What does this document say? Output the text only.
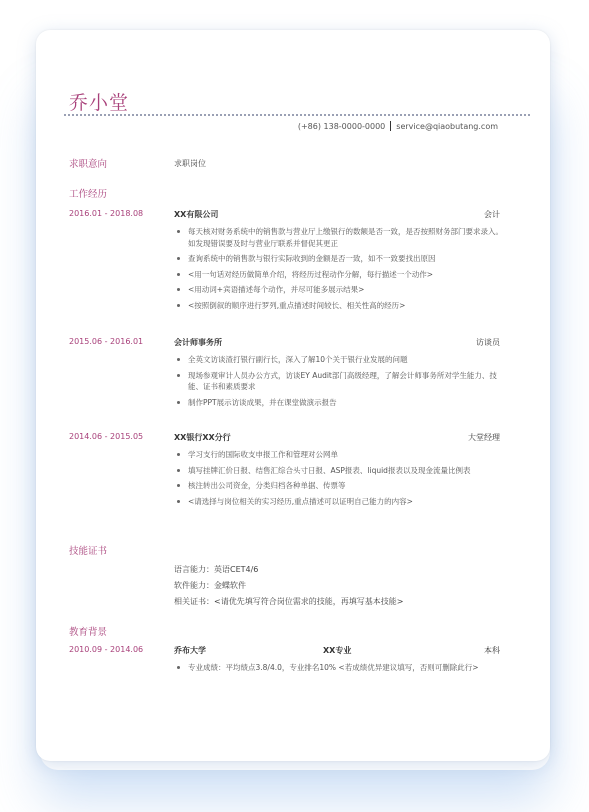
乔小堂
(+86) 138-0000-0000 service@qiaobutang.com
求职意向	求职岗位
工作经历
2016.01 - 2018.08	XX有限公司	会计
每天核对财务系统中的销售款与营业厅上缴银行的数额是否一致，是否按照财务部门要求录入。如发现错误要及时与营业厅联系并督促其更正
查询系统中的销售款与银行实际收到的金额是否一致，如不一致要找出原因
<用一句话对经历做简单介绍，将经历过程动作分解，每行描述一个动作>
<用动词+宾语描述每个动作，并尽可能多展示结果>
<按照倒叙的顺序进行罗列,重点描述时间较长、相关性高的经历>
2015.06 - 2016.01	会计师事务所	访谈员
全英文访谈渣打银行副行长，深入了解10个关于银行业发展的问题
现场参观审计人员办公方式，访谈EY Audit部门高级经理，了解会计师事务所对学生能力、技能、证书和素质要求
制作PPT展示访谈成果，并在课堂做演示报告
2014.06 - 2015.05	XX银行XX分行	大堂经理
学习支行的国际收支申报工作和管理对公网单
填写挂牌汇价日报、结售汇综合头寸日报、ASP报表、liquid报表以及现金流量比例表
核注转出公司资金，分类归档各种单据、传票等
<请选择与岗位相关的实习经历,重点描述可以证明自己能力的内容>
技能证书
语言能力：英语CET4/6
软件能力：金蝶软件
相关证书：<请优先填写符合岗位需求的技能，再填写基本技能>
教育背景
2010.09 - 2014.06	乔布大学	XX专业	本科
专业成绩：平均绩点3.8/4.0，专业排名10% <若成绩优异建议填写，否则可删除此行>
